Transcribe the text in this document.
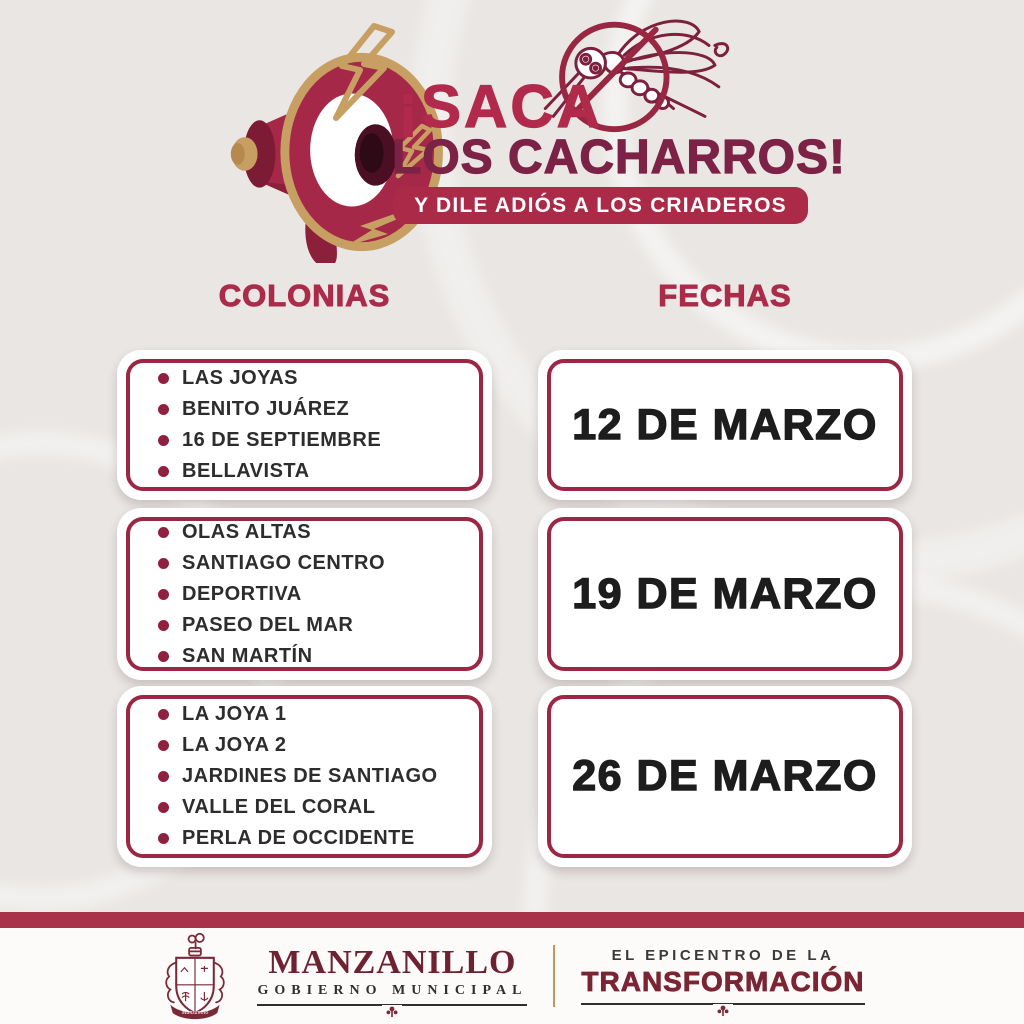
¡SACA
LOS CACHARROS!
Y DILE ADIÓS A LOS CRIADEROS
COLONIAS	FECHAS
LAS JOYAS
BENITO JUÁREZ
16 DE SEPTIEMBRE
BELLAVISTA
12 DE MARZO
OLAS ALTAS
SANTIAGO CENTRO
DEPORTIVA
PASEO DEL MAR
SAN MARTÍN
19 DE MARZO
LA JOYA 1
LA JOYA 2
JARDINES DE SANTIAGO
VALLE DEL CORAL
PERLA DE OCCIDENTE
26 DE MARZO
Manzanillo
MANZANILLO
GOBIERNO MUNICIPAL
EL EPICENTRO DE LA
TRANSFORMACIÓN
